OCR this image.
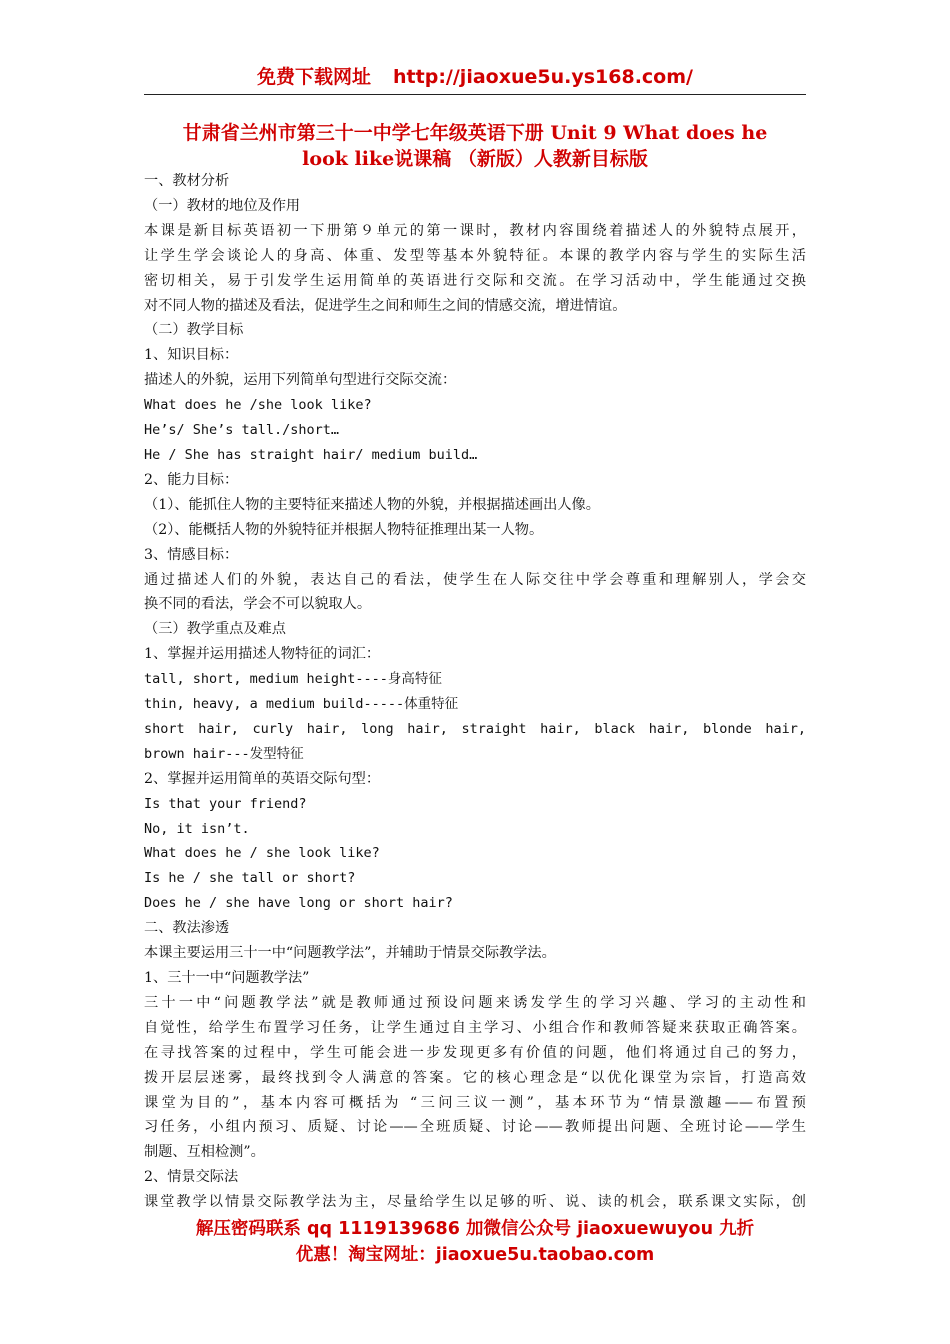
免费下载网址 http://jiaoxue5u.ys168.com/
甘肃省兰州市第三十一中学七年级英语下册 Unit 9 What does he
look like说课稿 （新版）人教新目标版

一、教材分析

（一）教材的地位及作用

本课是新目标英语初一下册第９单元的第一课时，教材内容围绕着描述人的外貌特点展开，

让学生学会谈论人的身高、体重、发型等基本外貌特征。本课的教学内容与学生的实际生活

密切相关，易于引发学生运用简单的英语进行交际和交流。在学习活动中，学生能通过交换

对不同人物的描述及看法，促进学生之间和师生之间的情感交流，增进情谊。

（二）教学目标

1、知识目标：

描述人的外貌，运用下列简单句型进行交际交流：

What does he /she look like?

He’s/ She’s tall./short…

He / She has straight hair/ medium build…

2、能力目标：

（1）、能抓住人物的主要特征来描述人物的外貌，并根据描述画出人像。

（2）、能概括人物的外貌特征并根据人物特征推理出某一人物。

3、情感目标：

通过描述人们的外貌，表达自己的看法，使学生在人际交往中学会尊重和理解别人，学会交

换不同的看法，学会不可以貌取人。

（三）教学重点及难点

1、掌握并运用描述人物特征的词汇：

tall, short, medium height----身高特征

thin, heavy, a medium build-----体重特征

short hair, curly hair, long hair, straight hair, black hair, blonde hair,

brown hair---发型特征

2、掌握并运用简单的英语交际句型：

Is that your friend?

No, it isn’t.

What does he / she look like?

Is he / she tall or short?

Does he / she have long or short hair?

二、教法渗透

本课主要运用三十一中“问题教学法”，并辅助于情景交际教学法。

1、三十一中“问题教学法”

三十一中“问题教学法”就是教师通过预设问题来诱发学生的学习兴趣、学习的主动性和

自觉性，给学生布置学习任务，让学生通过自主学习、小组合作和教师答疑来获取正确答案。

在寻找答案的过程中，学生可能会进一步发现更多有价值的问题，他们将通过自己的努力，

拨开层层迷雾，最终找到令人满意的答案。它的核心理念是“以优化课堂为宗旨，打造高效

课堂为目的”，基本内容可概括为 “三问三议一测”，基本环节为“情景激趣——布置预

习任务，小组内预习、质疑、讨论——全班质疑、讨论——教师提出问题、全班讨论——学生

制题、互相检测”。

2、情景交际法

课堂教学以情景交际教学法为主，尽量给学生以足够的听、说、读的机会，联系课文实际，创

解压密码联系 qq 1119139686 加微信公众号 jiaoxuewuyou 九折
优惠！淘宝网址：jiaoxue5u.taobao.com
